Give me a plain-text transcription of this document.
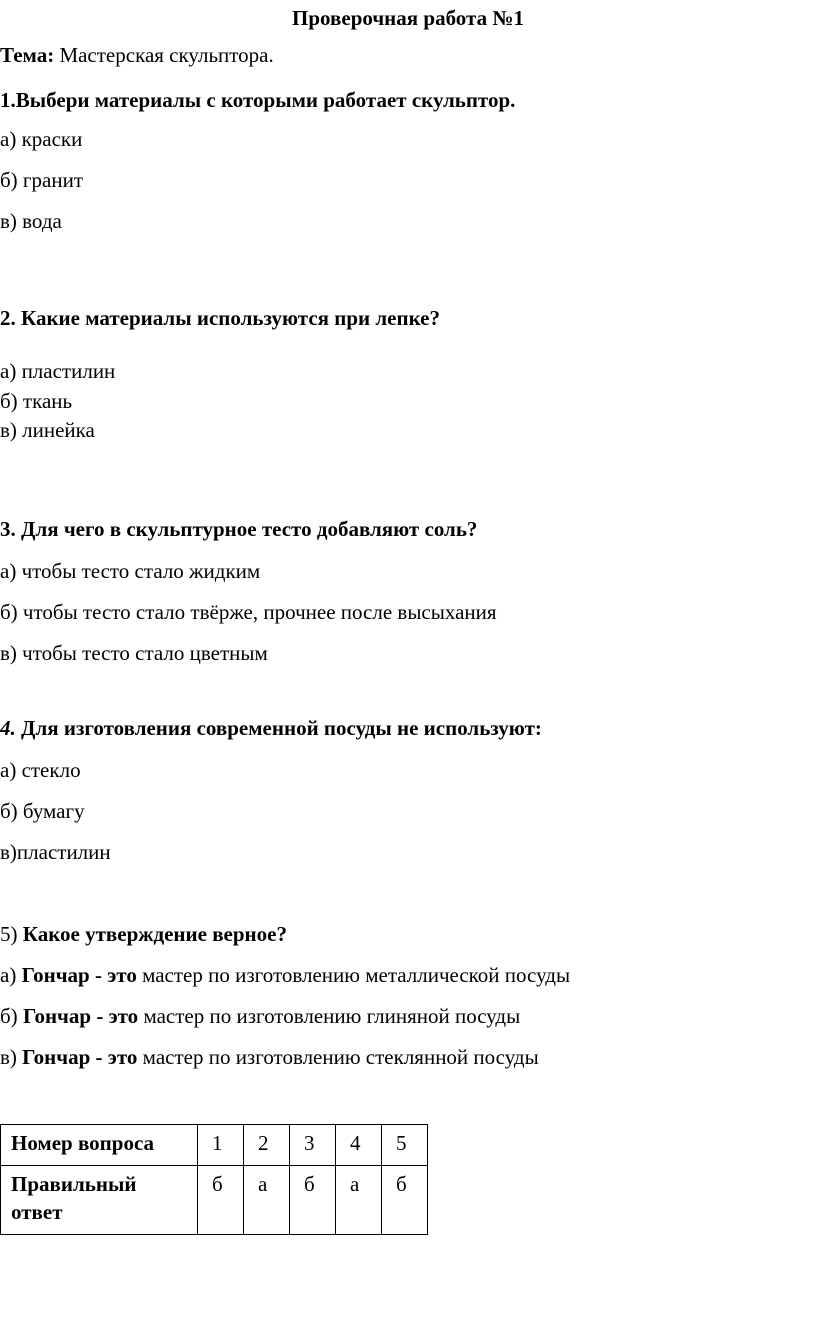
Проверочная работа №1
Тема: Мастерская скульптора.
1.Выбери материалы с которыми работает скульптор.
а) краски
б) гранит
в) вода
2. Какие материалы используются при лепке?
а) пластилин
б) ткань
в) линейка
3. Для чего в скульптурное тесто добавляют соль?
а) чтобы тесто стало жидким
б) чтобы тесто стало твёрже, прочнее после высыхания
в) чтобы тесто стало цветным
4. Для изготовления современной посуды не используют:
а) стекло
б) бумагу
в)пластилин
5) Какое утверждение верное?
а) Гончар - это мастер по изготовлению металлической посуды
б) Гончар - это мастер по изготовлению глиняной посуды
в) Гончар - это мастер по изготовлению стеклянной посуды
Номер вопроса	1	2	3	4	5
Правильный
ответ	б	а	б	а	б
